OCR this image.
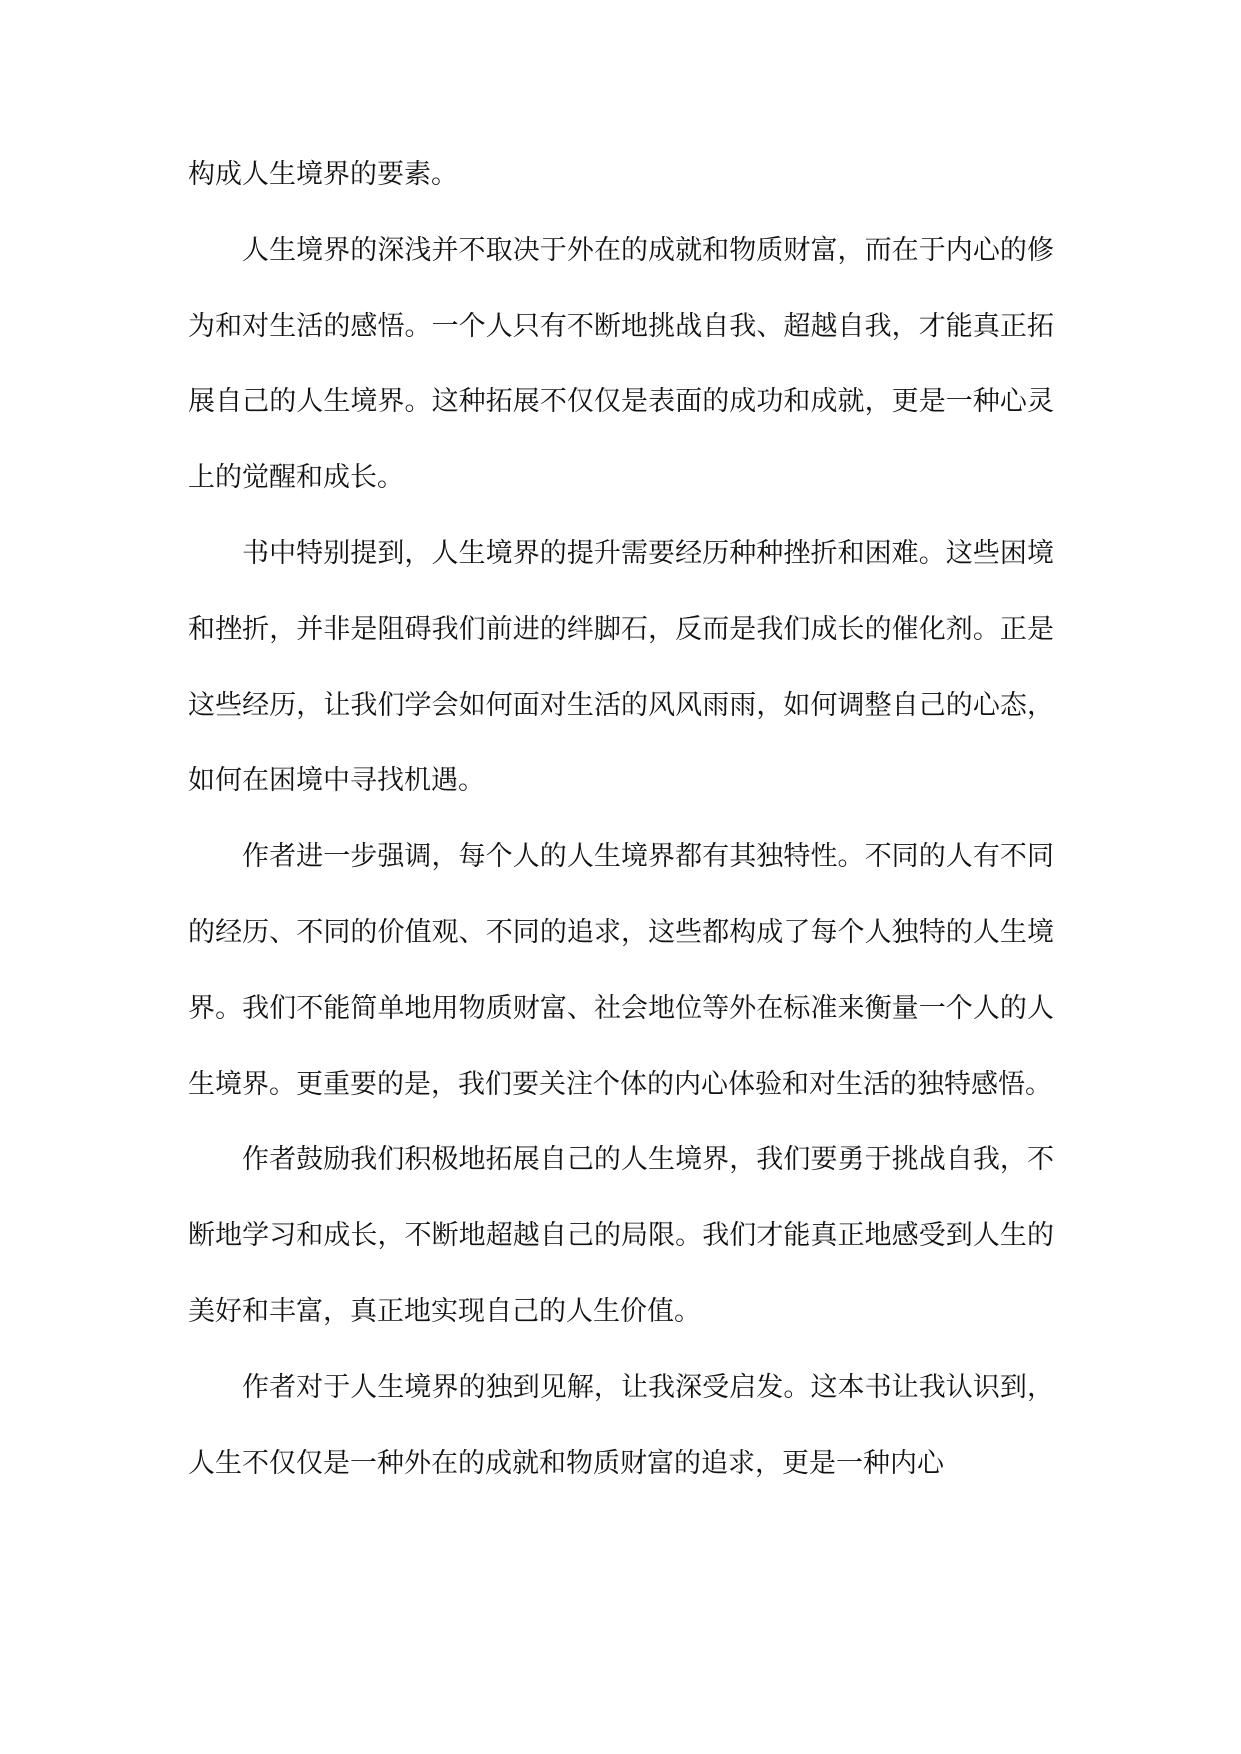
构成人生境界的要素。

人生境界的深浅并不取决于外在的成就和物质财富，而在于内心的修为和对生活的感悟。一个人只有不断地挑战自我、超越自我，才能真正拓展自己的人生境界。这种拓展不仅仅是表面的成功和成就，更是一种心灵上的觉醒和成长。

书中特别提到，人生境界的提升需要经历种种挫折和困难。这些困境和挫折，并非是阻碍我们前进的绊脚石，反而是我们成长的催化剂。正是这些经历，让我们学会如何面对生活的风风雨雨，如何调整自己的心态，如何在困境中寻找机遇。

作者进一步强调，每个人的人生境界都有其独特性。不同的人有不同的经历、不同的价值观、不同的追求，这些都构成了每个人独特的人生境界。我们不能简单地用物质财富、社会地位等外在标准来衡量一个人的人生境界。更重要的是，我们要关注个体的内心体验和对生活的独特感悟。

作者鼓励我们积极地拓展自己的人生境界，我们要勇于挑战自我，不断地学习和成长，不断地超越自己的局限。我们才能真正地感受到人生的美好和丰富，真正地实现自己的人生价值。

作者对于人生境界的独到见解，让我深受启发。这本书让我认识到，人生不仅仅是一种外在的成就和物质财富的追求，更是一种内心
